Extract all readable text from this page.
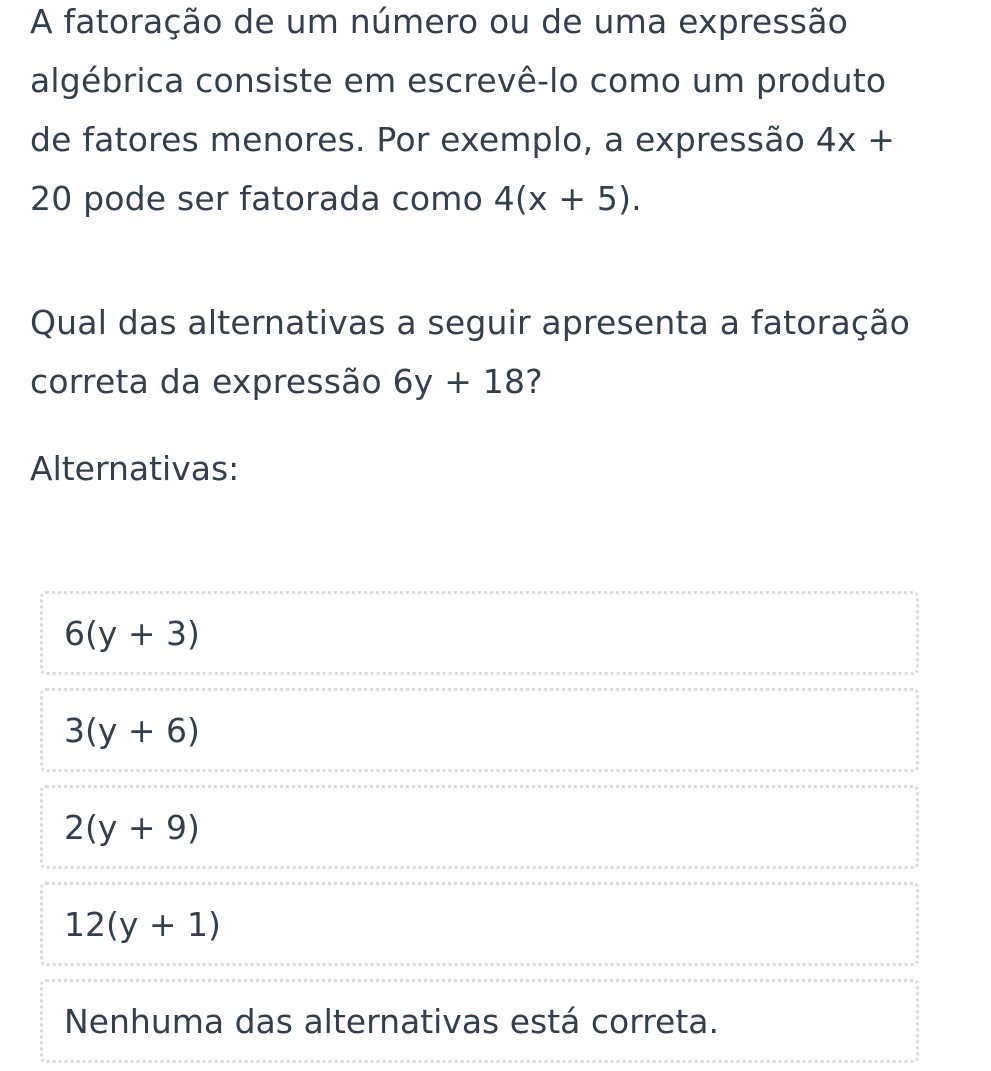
A fatoração de um número ou de uma expressão algébrica consiste em escrevê-lo como um produto de fatores menores. Por exemplo, a expressão 4x + 20 pode ser fatorada como 4(x + 5).

Qual das alternativas a seguir apresenta a fatoração correta da expressão 6y + 18?

Alternativas:
6(y + 3)
3(y + 6)
2(y + 9)
12(y + 1)
Nenhuma das alternativas está correta.
